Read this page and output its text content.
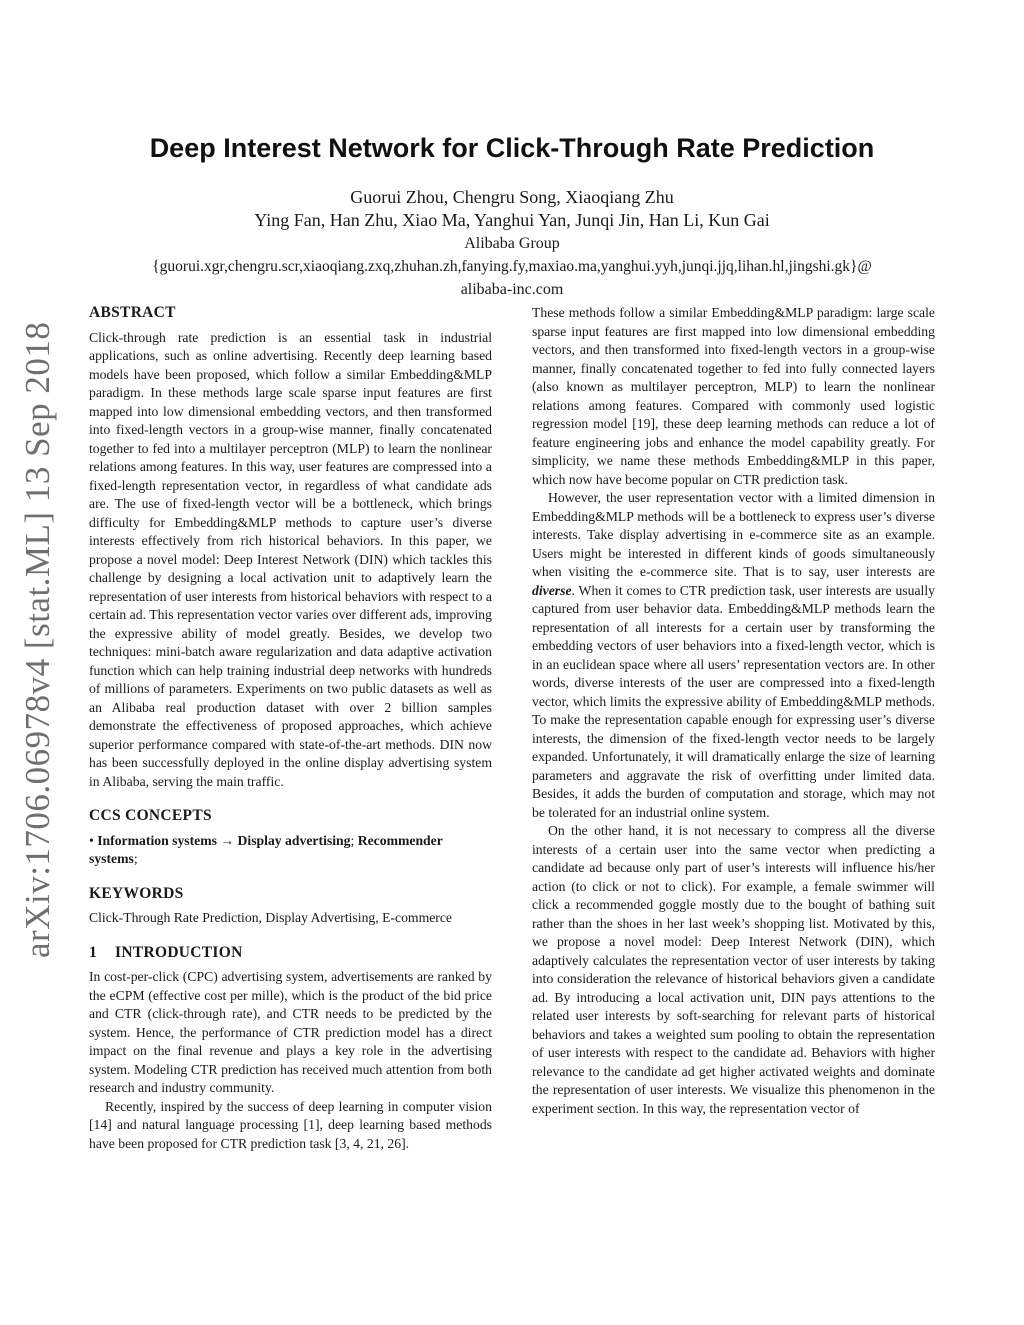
arXiv:1706.06978v4 [stat.ML] 13 Sep 2018
Deep Interest Network for Click-Through Rate Prediction
Guorui Zhou, Chengru Song, Xiaoqiang Zhu
Ying Fan, Han Zhu, Xiao Ma, Yanghui Yan, Junqi Jin, Han Li, Kun Gai
Alibaba Group
{guorui.xgr,chengru.scr,xiaoqiang.zxq,zhuhan.zh,fanying.fy,maxiao.ma,yanghui.yyh,junqi.jjq,lihan.hl,jingshi.gk}@
alibaba-inc.com
ABSTRACT

Click-through rate prediction is an essential task in industrial applications, such as online advertising. Recently deep learning based models have been proposed, which follow a similar Embedding&MLP paradigm. In these methods large scale sparse input features are first mapped into low dimensional embedding vectors, and then transformed into fixed-length vectors in a group-wise manner, finally concatenated together to fed into a multilayer perceptron (MLP) to learn the nonlinear relations among features. In this way, user features are compressed into a fixed-length representation vector, in regardless of what candidate ads are. The use of fixed-length vector will be a bottleneck, which brings difficulty for Embedding&MLP methods to capture user’s diverse interests effectively from rich historical behaviors. In this paper, we propose a novel model: Deep Interest Network (DIN) which tackles this challenge by designing a local activation unit to adaptively learn the representation of user interests from historical behaviors with respect to a certain ad. This representation vector varies over different ads, improving the expressive ability of model greatly. Besides, we develop two techniques: mini-batch aware regularization and data adaptive activation function which can help training industrial deep networks with hundreds of millions of parameters. Experiments on two public datasets as well as an Alibaba real production dataset with over 2 billion samples demonstrate the effectiveness of proposed approaches, which achieve superior performance compared with state-of-the-art methods. DIN now has been successfully deployed in the online display advertising system in Alibaba, serving the main traffic.

CCS CONCEPTS

• Information systems → Display advertising; Recommender systems;

KEYWORDS

Click-Through Rate Prediction, Display Advertising, E-commerce

1 INTRODUCTION

In cost-per-click (CPC) advertising system, advertisements are ranked by the eCPM (effective cost per mille), which is the product of the bid price and CTR (click-through rate), and CTR needs to be predicted by the system. Hence, the performance of CTR prediction model has a direct impact on the final revenue and plays a key role in the advertising system. Modeling CTR prediction has received much attention from both research and industry community.

Recently, inspired by the success of deep learning in computer vision [14] and natural language processing [1], deep learning based methods have been proposed for CTR prediction task [3, 4, 21, 26].

These methods follow a similar Embedding&MLP paradigm: large scale sparse input features are first mapped into low dimensional embedding vectors, and then transformed into fixed-length vectors in a group-wise manner, finally concatenated together to fed into fully connected layers (also known as multilayer perceptron, MLP) to learn the nonlinear relations among features. Compared with commonly used logistic regression model [19], these deep learning methods can reduce a lot of feature engineering jobs and enhance the model capability greatly. For simplicity, we name these methods Embedding&MLP in this paper, which now have become popular on CTR prediction task.

However, the user representation vector with a limited dimension in Embedding&MLP methods will be a bottleneck to express user’s diverse interests. Take display advertising in e-commerce site as an example. Users might be interested in different kinds of goods simultaneously when visiting the e-commerce site. That is to say, user interests are diverse. When it comes to CTR prediction task, user interests are usually captured from user behavior data. Embedding&MLP methods learn the representation of all interests for a certain user by transforming the embedding vectors of user behaviors into a fixed-length vector, which is in an euclidean space where all users’ representation vectors are. In other words, diverse interests of the user are compressed into a fixed-length vector, which limits the expressive ability of Embedding&MLP methods. To make the representation capable enough for expressing user’s diverse interests, the dimension of the fixed-length vector needs to be largely expanded. Unfortunately, it will dramatically enlarge the size of learning parameters and aggravate the risk of overfitting under limited data. Besides, it adds the burden of computation and storage, which may not be tolerated for an industrial online system.

On the other hand, it is not necessary to compress all the diverse interests of a certain user into the same vector when predicting a candidate ad because only part of user’s interests will influence his/her action (to click or not to click). For example, a female swimmer will click a recommended goggle mostly due to the bought of bathing suit rather than the shoes in her last week’s shopping list. Motivated by this, we propose a novel model: Deep Interest Network (DIN), which adaptively calculates the representation vector of user interests by taking into consideration the relevance of historical behaviors given a candidate ad. By introducing a local activation unit, DIN pays attentions to the related user interests by soft-searching for relevant parts of historical behaviors and takes a weighted sum pooling to obtain the representation of user interests with respect to the candidate ad. Behaviors with higher relevance to the candidate ad get higher activated weights and dominate the representation of user interests. We visualize this phenomenon in the experiment section. In this way, the representation vector of
